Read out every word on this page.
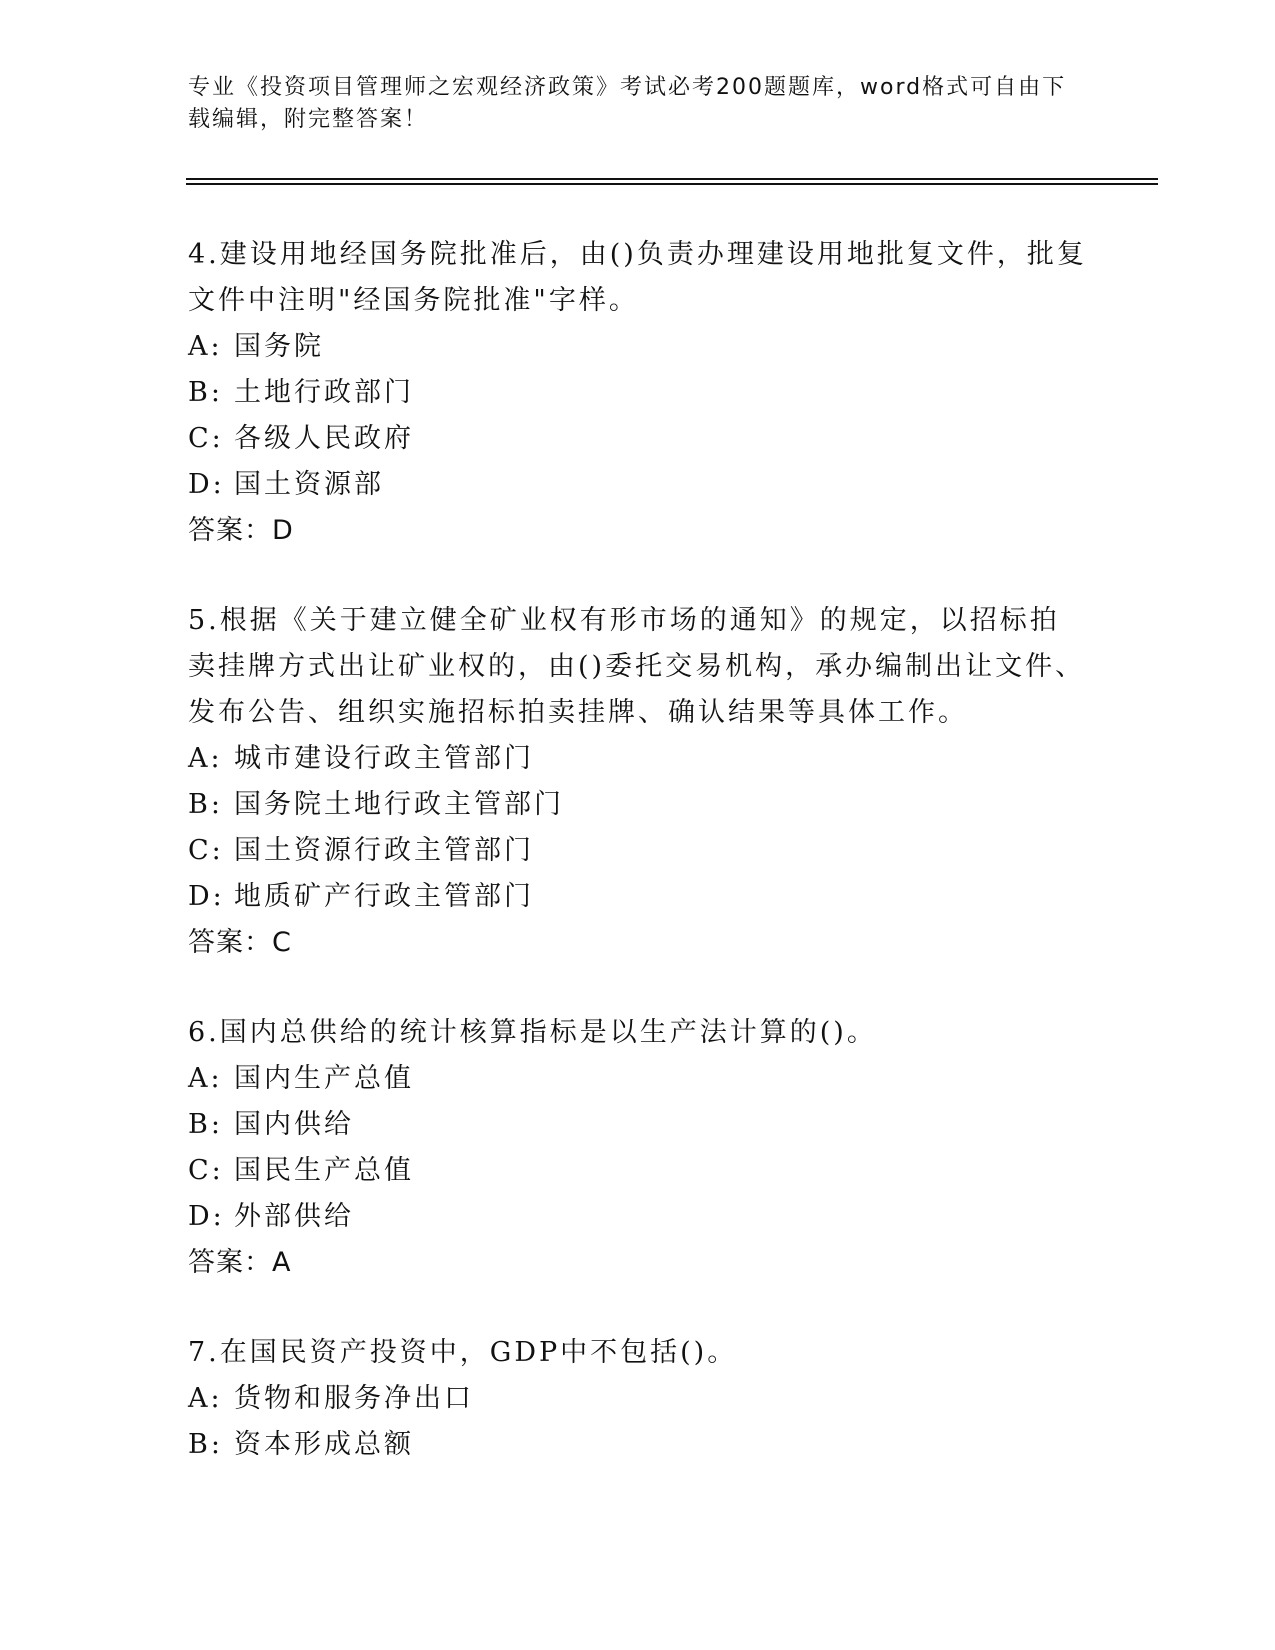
专业《投资项目管理师之宏观经济政策》考试必考200题题库，word格式可自由下载编辑，附完整答案！

4.建设用地经国务院批准后，由()负责办理建设用地批复文件，批复文件中注明"经国务院批准"字样。

A: 国务院
B: 土地行政部门
C: 各级人民政府
D: 国土资源部
答案：D

5.根据《关于建立健全矿业权有形市场的通知》的规定，以招标拍卖挂牌方式出让矿业权的，由()委托交易机构，承办编制出让文件、发布公告、组织实施招标拍卖挂牌、确认结果等具体工作。

A: 城市建设行政主管部门
B: 国务院土地行政主管部门
C: 国土资源行政主管部门
D: 地质矿产行政主管部门
答案：C

6.国内总供给的统计核算指标是以生产法计算的()。

A: 国内生产总值
B: 国内供给
C: 国民生产总值
D: 外部供给
答案：A

7.在国民资产投资中，GDP中不包括()。

A: 货物和服务净出口
B: 资本形成总额
